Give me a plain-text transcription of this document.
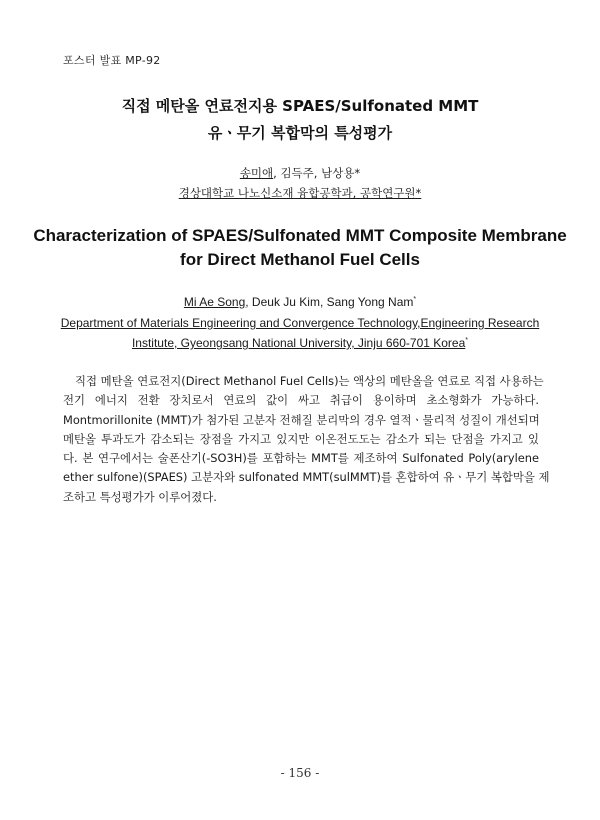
포스터 발표 MP-92
직접 메탄올 연료전지용 SPAES/Sulfonated MMT
유ㆍ무기 복합막의 특성평가
송미애, 김득주, 남상용*
경상대학교 나노신소재 융합공학과, 공학연구원*
Characterization of SPAES/Sulfonated MMT Composite Membrane
for Direct Methanol Fuel Cells
Mi Ae Song, Deuk Ju Kim, Sang Yong Nam*
Department of Materials Engineering and Convergence Technology,Engineering Research
Institute, Gyeongsang National University, Jinju 660-701 Korea*
직접 메탄올 연료전지(Direct Methanol Fuel Cells)는 액상의 메탄올을 연료로 직접 사용하는
전기 에너지 전환 장치로서 연료의 값이 싸고 취급이 용이하며 초소형화가 가능하다.
Montmorillonite (MMT)가 첨가된 고분자 전해질 분리막의 경우 열적ㆍ물리적 성질이 개선되며
메탄올 투과도가 감소되는 장점을 가지고 있지만 이온전도도는 감소가 되는 단점을 가지고 있
다. 본 연구에서는 술폰산기(-SO3H)를 포함하는 MMT를 제조하여 Sulfonated Poly(arylene
ether sulfone)(SPAES) 고분자와 sulfonated MMT(sulMMT)를 혼합하여 유ㆍ무기 복합막을 제
조하고 특성평가가 이루어졌다.
- 156 -
